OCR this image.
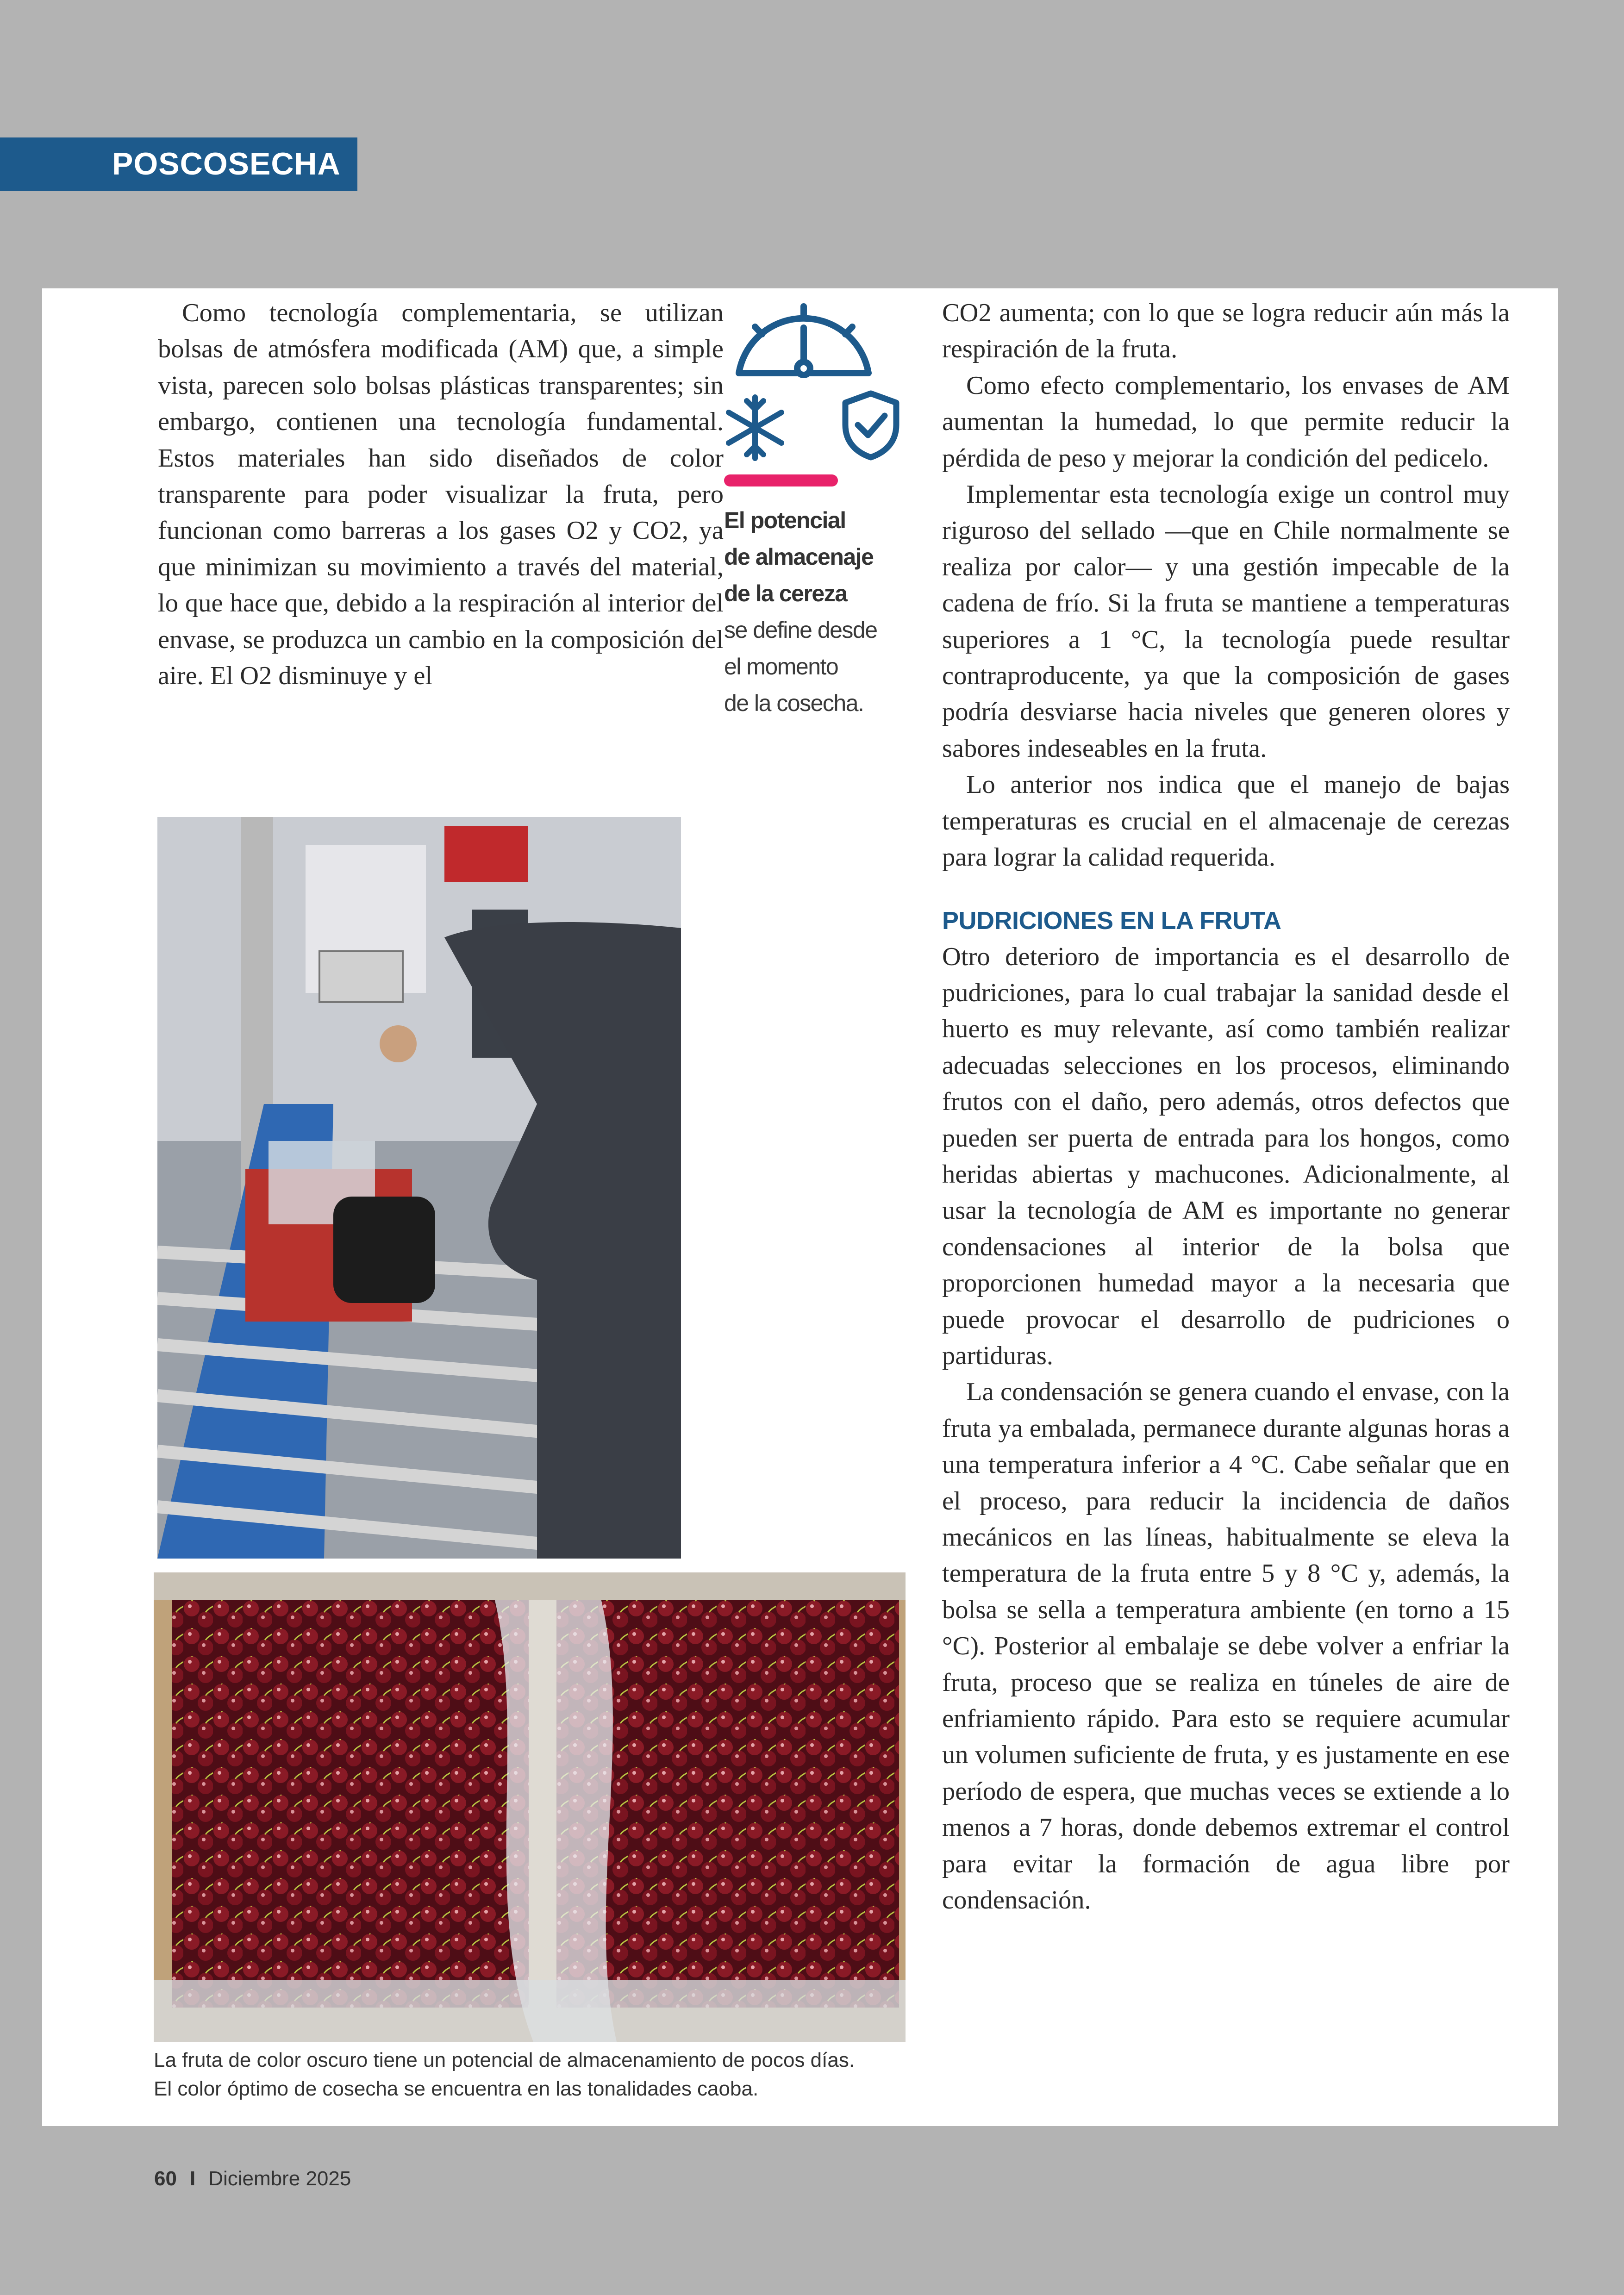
POSCOSECHA

Como tecnología complementaria, se utilizan bolsas de atmósfera modificada (AM) que, a simple vista, parecen solo bolsas plásticas transparentes; sin embargo, contienen una tecnología fundamental. Estos materiales han sido diseñados de color transparente para poder visualizar la fruta, pero funcionan como barreras a los gases O2 y CO2, ya que minimizan su movimiento a través del material, lo que hace que, debido a la respiración al interior del envase, se produzca un cambio en la composición del aire. El O2 disminuye y el

El potencial
de almacenaje
de la cereza
se define desde
el momento
de la cosecha.

CO2 aumenta; con lo que se logra reducir aún más la respiración de la fruta.

Como efecto complementario, los envases de AM aumentan la humedad, lo que permite reducir la pérdida de peso y mejorar la condición del pedicelo.

Implementar esta tecnología exige un control muy riguroso del sellado —que en Chile normalmente se realiza por calor— y una gestión impecable de la cadena de frío. Si la fruta se mantiene a temperaturas superiores a 1 °C, la tecnología puede resultar contraproducente, ya que la composición de gases podría desviarse hacia niveles que generen olores y sabores indeseables en la fruta.

Lo anterior nos indica que el manejo de bajas temperaturas es crucial en el almacenaje de cerezas para lograr la calidad requerida.

PUDRICIONES EN LA FRUTA

Otro deterioro de importancia es el desarrollo de pudriciones, para lo cual trabajar la sanidad desde el huerto es muy relevante, así como también realizar adecuadas selecciones en los procesos, eliminando frutos con el daño, pero además, otros defectos que pueden ser puerta de entrada para los hongos, como heridas abiertas y machucones. Adicionalmente, al usar la tecnología de AM es importante no generar condensaciones al interior de la bolsa que proporcionen humedad mayor a la necesaria que puede provocar el desarrollo de pudriciones o partiduras.

La condensación se genera cuando el envase, con la fruta ya embalada, permanece durante algunas horas a una temperatura inferior a 4 °C. Cabe señalar que en el proceso, para reducir la incidencia de daños mecánicos en las líneas, habitualmente se eleva la temperatura de la fruta entre 5 y 8 °C y, además, la bolsa se sella a temperatura ambiente (en torno a 15 °C). Posterior al embalaje se debe volver a enfriar la fruta, proceso que se realiza en túneles de aire de enfriamiento rápido. Para esto se requiere acumular un volumen suficiente de fruta, y es justamente en ese período de espera, que muchas veces se extiende a lo menos a 7 horas, donde debemos extremar el control para evitar la formación de agua libre por condensación.

La fruta de color oscuro tiene un potencial de almacenamiento de pocos días.
El color óptimo de cosecha se encuentra en las tonalidades caoba.
60 I Diciembre 2025
